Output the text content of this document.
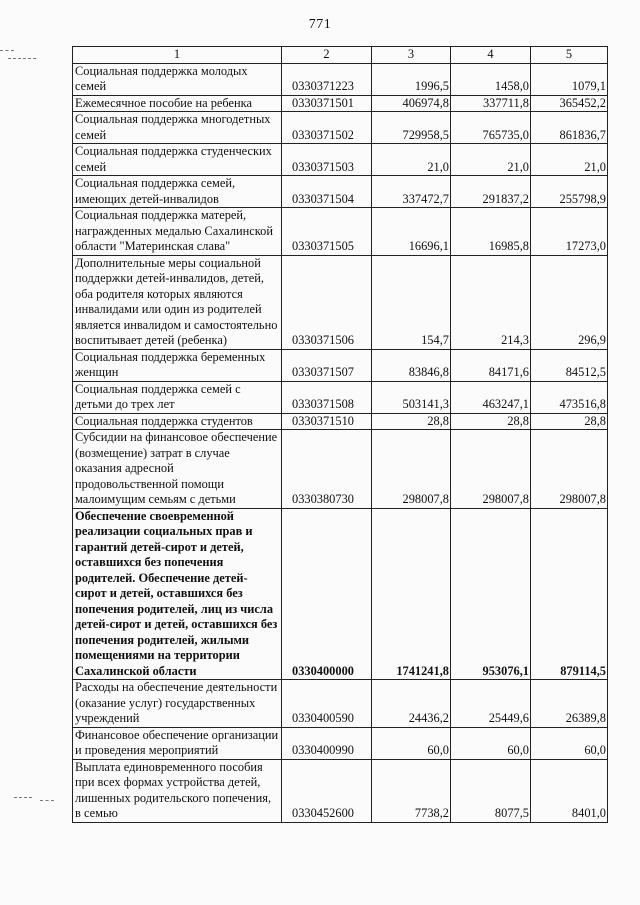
771
1	2	3	4	5
Социальная поддержка молодых семей	0330371223	1996,5	1458,0	1079,1
Ежемесячное пособие на ребенка	0330371501	406974,8	337711,8	365452,2
Социальная поддержка многодетных семей	0330371502	729958,5	765735,0	861836,7
Социальная поддержка студенческих семей	0330371503	21,0	21,0	21,0
Социальная поддержка семей, имеющих детей-инвалидов	0330371504	337472,7	291837,2	255798,9
Социальная поддержка матерей, награжденных медалью Сахалинской области "Материнская слава"	0330371505	16696,1	16985,8	17273,0
Дополнительные меры социальной поддержки детей-инвалидов, детей, оба родителя которых являются инвалидами или один из родителей является инвалидом и самостоятельно воспитывает детей (ребенка)	0330371506	154,7	214,3	296,9
Социальная поддержка беременных женщин	0330371507	83846,8	84171,6	84512,5
Социальная поддержка семей с детьми до трех лет	0330371508	503141,3	463247,1	473516,8
Социальная поддержка студентов	0330371510	28,8	28,8	28,8
Субсидии на финансовое обеспечение (возмещение) затрат в случае оказания адресной продовольственной помощи малоимущим семьям с детьми	0330380730	298007,8	298007,8	298007,8
Обеспечение своевременной реализации социальных прав и гарантий детей-сирот и детей, оставшихся без попечения родителей. Обеспечение детей-сирот и детей, оставшихся без попечения родителей, лиц из числа детей-сирот и детей, оставшихся без попечения родителей, жилыми помещениями на территории Сахалинской области	0330400000	1741241,8	953076,1	879114,5
Расходы на обеспечение деятельности (оказание услуг) государственных учреждений	0330400590	24436,2	25449,6	26389,8
Финансовое обеспечение организации и проведения мероприятий	0330400990	60,0	60,0	60,0
Выплата единовременного пособия при всех формах устройства детей, лишенных родительского попечения, в семью	0330452600	7738,2	8077,5	8401,0
